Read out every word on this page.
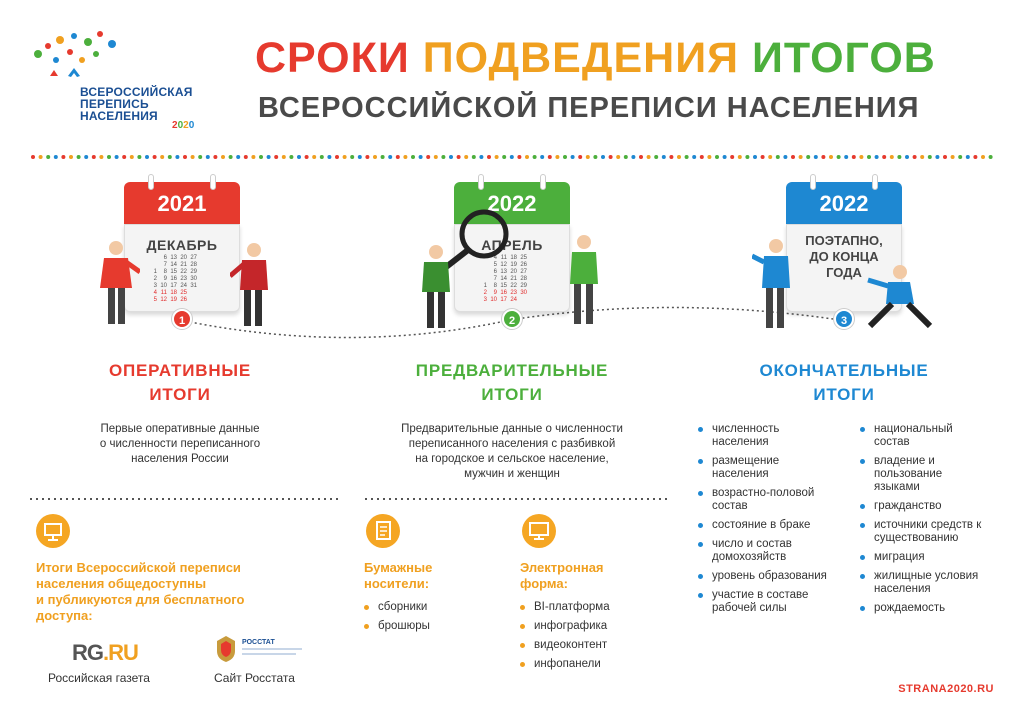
ВСЕРОССИЙСКАЯ
ПЕРЕПИСЬ
НАСЕЛЕНИЯ
2020
СРОКИ ПОДВЕДЕНИЯ ИТОГОВ
ВСЕРОССИЙСКОЙ ПЕРЕПИСИ НАСЕЛЕНИЯ
2021
ДЕКАБРЬ
6 13 20 27
7 14 21 28
1 8 15 22 29
2 9 16 23 30
3 10 17 24 31
4 11 18 25
5 12 19 26
1
2022
АПРЕЛЬ
4 11 18 25
5 12 19 26
6 13 20 27
7 14 21 28
1 8 15 22 29
2 9 16 23 30
3 10 17 24
2
2022
ПОЭТАПНО,
ДО КОНЦА
ГОДА
3
ОПЕРАТИВНЫЕ
ИТОГИ
ПРЕДВАРИТЕЛЬНЫЕ
ИТОГИ
ОКОНЧАТЕЛЬНЫЕ
ИТОГИ
Первые оперативные данные
о численности переписанного
населения России
Предварительные данные о численности
переписанного населения с разбивкой
на городское и сельское население,
мужчин и женщин
численность населения
размещение населения
возрастно-половой состав
состояние в браке
число и состав домохозяйств
уровень образования
участие в составе рабочей силы
национальный состав
владение и пользование языками
гражданство
источники средств к существованию
миграция
жилищные условия населения
рождаемость
Итоги Всероссийской переписи
населения общедоступны
и публикуются для бесплатного
доступа:
RG.RU
Российская газета
РОССТАТ
Сайт Росстата
Бумажные
носители:
сборники
брошюры
Электронная
форма:
BI-платформа
инфографика
видеоконтент
инфопанели
STRANA2020.RU
